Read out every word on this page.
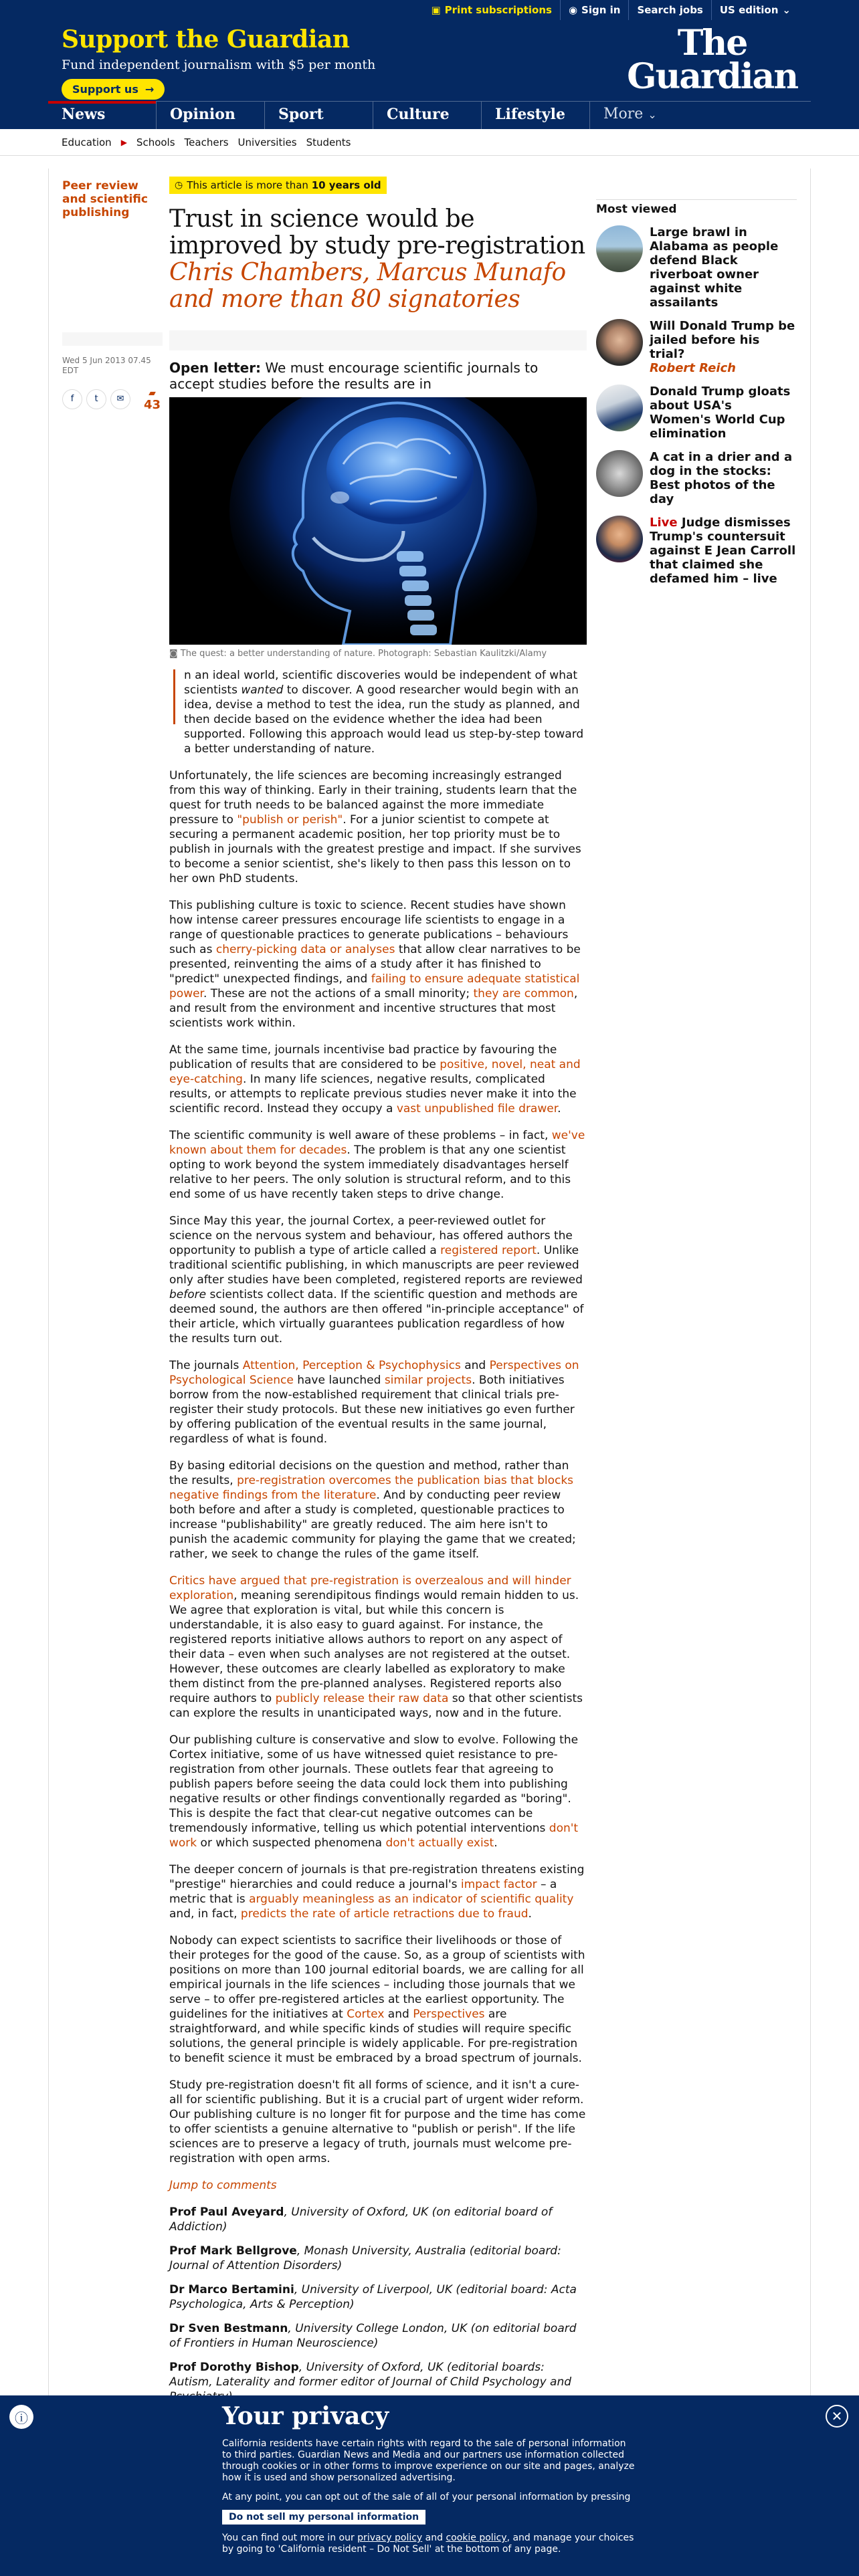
▣ Print subscriptions ◉ Sign in Search jobs US edition ⌄
Support the Guardian

Fund independent journalism with $5 per month

Support us →
The
Guardian
News	Opinion	Sport	Culture	Lifestyle	More ⌄
Education ▶ Schools Teachers Universities Students
Peer review and scientific publishing
Wed 5 Jun 2013 07.45 EDT
f	t	✉
▰
43
◷ This article is more than 10 years old
Trust in science would be improved by study pre-registration
Chris Chambers, Marcus Munafo and more than 80 signatories
Open letter: We must encourage scientific journals to accept studies before the results are in
◙ The quest: a better understanding of nature. Photograph: Sebastian Kaulitzki/Alamy

n an ideal world, scientific discoveries would be independent of what scientists wanted to discover. A good researcher would begin with an idea, devise a method to test the idea, run the study as planned, and then decide based on the evidence whether the idea had been supported. Following this approach would lead us step-by-step toward a better understanding of nature.

Unfortunately, the life sciences are becoming increasingly estranged from this way of thinking. Early in their training, students learn that the quest for truth needs to be balanced against the more immediate pressure to "publish or perish". For a junior scientist to compete at securing a permanent academic position, her top priority must be to publish in journals with the greatest prestige and impact. If she survives to become a senior scientist, she's likely to then pass this lesson on to her own PhD students.

This publishing culture is toxic to science. Recent studies have shown how intense career pressures encourage life scientists to engage in a range of questionable practices to generate publications – behaviours such as cherry-picking data or analyses that allow clear narratives to be presented, reinventing the aims of a study after it has finished to "predict" unexpected findings, and failing to ensure adequate statistical power. These are not the actions of a small minority; they are common, and result from the environment and incentive structures that most scientists work within.

At the same time, journals incentivise bad practice by favouring the publication of results that are considered to be positive, novel, neat and eye-catching. In many life sciences, negative results, complicated results, or attempts to replicate previous studies never make it into the scientific record. Instead they occupy a vast unpublished file drawer.

The scientific community is well aware of these problems – in fact, we've known about them for decades. The problem is that any one scientist opting to work beyond the system immediately disadvantages herself relative to her peers. The only solution is structural reform, and to this end some of us have recently taken steps to drive change.

Since May this year, the journal Cortex, a peer-reviewed outlet for science on the nervous system and behaviour, has offered authors the opportunity to publish a type of article called a registered report. Unlike traditional scientific publishing, in which manuscripts are peer reviewed only after studies have been completed, registered reports are reviewed before scientists collect data. If the scientific question and methods are deemed sound, the authors are then offered "in-principle acceptance" of their article, which virtually guarantees publication regardless of how the results turn out.

The journals Attention, Perception & Psychophysics and Perspectives on Psychological Science have launched similar projects. Both initiatives borrow from the now-established requirement that clinical trials pre-register their study protocols. But these new initiatives go even further by offering publication of the eventual results in the same journal, regardless of what is found.

By basing editorial decisions on the question and method, rather than the results, pre-registration overcomes the publication bias that blocks negative findings from the literature. And by conducting peer review both before and after a study is completed, questionable practices to increase "publishability" are greatly reduced. The aim here isn't to punish the academic community for playing the game that we created; rather, we seek to change the rules of the game itself.

Critics have argued that pre-registration is overzealous and will hinder exploration, meaning serendipitous findings would remain hidden to us. We agree that exploration is vital, but while this concern is understandable, it is also easy to guard against. For instance, the registered reports initiative allows authors to report on any aspect of their data – even when such analyses are not registered at the outset. However, these outcomes are clearly labelled as exploratory to make them distinct from the pre-planned analyses. Registered reports also require authors to publicly release their raw data so that other scientists can explore the results in unanticipated ways, now and in the future.

Our publishing culture is conservative and slow to evolve. Following the Cortex initiative, some of us have witnessed quiet resistance to pre-registration from other journals. These outlets fear that agreeing to publish papers before seeing the data could lock them into publishing negative results or other findings conventionally regarded as "boring". This is despite the fact that clear-cut negative outcomes can be tremendously informative, telling us which potential interventions don't work or which suspected phenomena don't actually exist.

The deeper concern of journals is that pre-registration threatens existing "prestige" hierarchies and could reduce a journal's impact factor – a metric that is arguably meaningless as an indicator of scientific quality and, in fact, predicts the rate of article retractions due to fraud.

Nobody can expect scientists to sacrifice their livelihoods or those of their proteges for the good of the cause. So, as a group of scientists with positions on more than 100 journal editorial boards, we are calling for all empirical journals in the life sciences – including those journals that we serve – to offer pre-registered articles at the earliest opportunity. The guidelines for the initiatives at Cortex and Perspectives are straightforward, and while specific kinds of studies will require specific solutions, the general principle is widely applicable. For pre-registration to benefit science it must be embraced by a broad spectrum of journals.

Study pre-registration doesn't fit all forms of science, and it isn't a cure-all for scientific publishing. But it is a crucial part of urgent wider reform. Our publishing culture is no longer fit for purpose and the time has come to offer scientists a genuine alternative to "publish or perish". If the life sciences are to preserve a legacy of truth, journals must welcome pre-registration with open arms.

Jump to comments

Prof Paul Aveyard, University of Oxford, UK (on editorial board of Addiction)
Prof Mark Bellgrove, Monash University, Australia (editorial board: Journal of Attention Disorders)
Dr Marco Bertamini, University of Liverpool, UK (editorial board: Acta Psychologica, Arts & Perception)
Dr Sven Bestmann, University College London, UK (on editorial board of Frontiers in Human Neuroscience)
Prof Dorothy Bishop, University of Oxford, UK (editorial boards: Autism, Laterality and former editor of Journal of Child Psychology and
Most viewed
Large brawl in Alabama as people defend Black riverboat owner against white assailants
Will Donald Trump be jailed before his trial?
Robert Reich
Donald Trump gloats about USA's Women's World Cup elimination
A cat in a drier and a dog in the stocks: Best photos of the day
Live Judge dismisses Trump's countersuit against E Jean Carroll that claimed she defamed him – live
ⓘ	✕
Your privacy

California residents have certain rights with regard to the sale of personal information to third parties. Guardian News and Media and our partners use information collected through cookies or in other forms to improve experience on our site and pages, analyze how it is used and show personalized advertising.

At any point, you can opt out of the sale of all of your personal information by pressing

Do not sell my personal information

You can find out more in our privacy policy and cookie policy, and manage your choices by going to 'California resident – Do Not Sell' at the bottom of any page.
